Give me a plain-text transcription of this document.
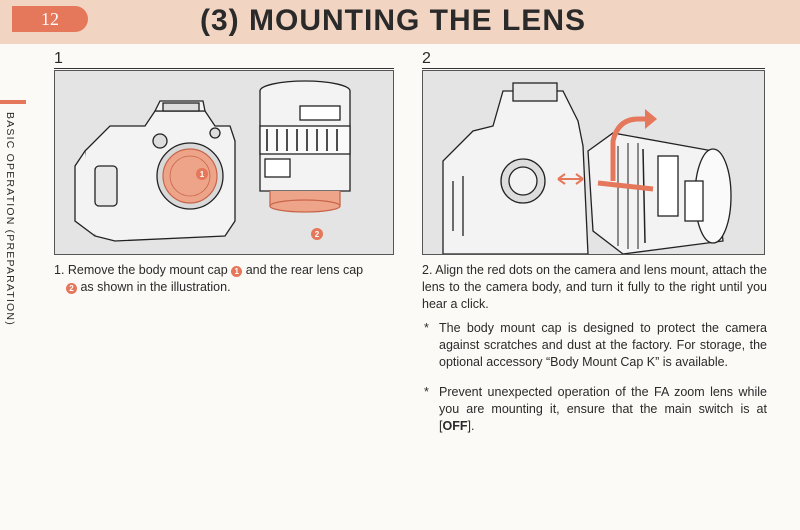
12	(3) MOUNTING THE LENS
BASIC OPERATION (PREPARATION)
1
1
2
1. Remove the body mount cap 1 and the rear lens cap
2 as shown in the illustration.
2
2. Align the red dots on the camera and lens mount, attach the lens to the camera body, and turn it fully to the right until you hear a click.
* The body mount cap is designed to protect the camera against scratches and dust at the factory. For storage, the optional accessory “Body Mount Cap K” is available.
* Prevent unexpected operation of the FA zoom lens while you are mounting it, ensure that the main switch is at [OFF].
